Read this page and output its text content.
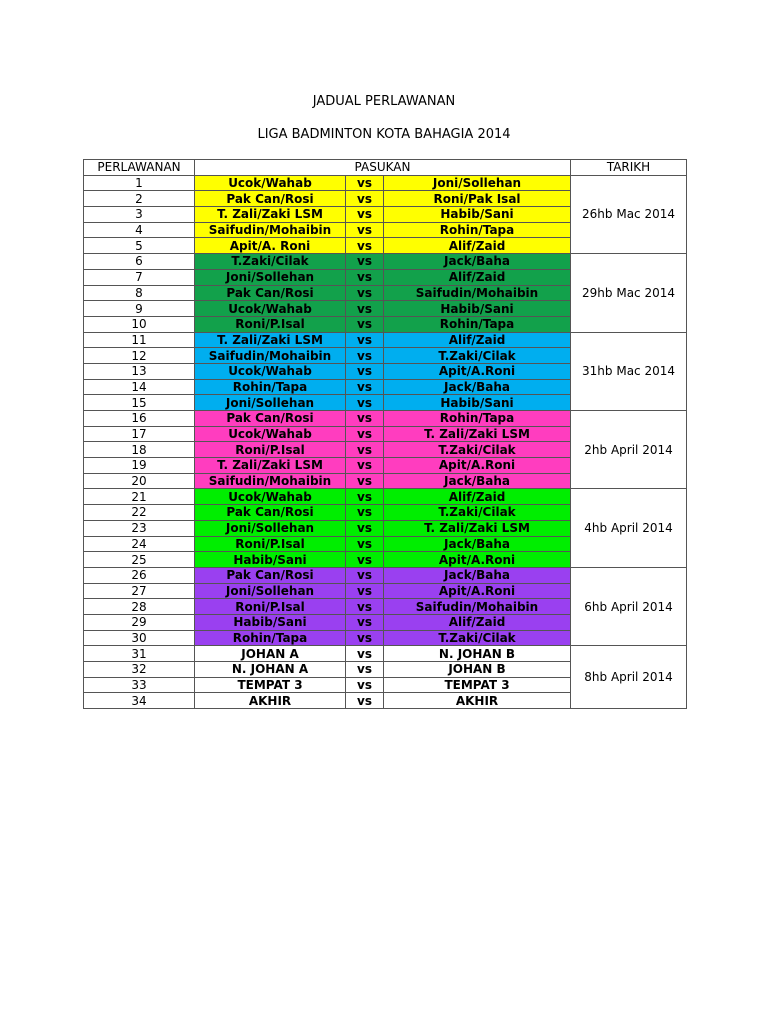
JADUAL PERLAWANAN
LIGA BADMINTON KOTA BAHAGIA 2014
PERLAWANAN	PASUKAN			TARIKH
1	Ucok/Wahab	vs	Joni/Sollehan	26hb Mac 2014
2	Pak Can/Rosi	vs	Roni/Pak Isal	
3	T. Zali/Zaki LSM	vs	Habib/Sani	
4	Saifudin/Mohaibin	vs	Rohin/Tapa	
5	Apit/A. Roni	vs	Alif/Zaid	
6	T.Zaki/Cilak	vs	Jack/Baha	29hb Mac 2014
7	Joni/Sollehan	vs	Alif/Zaid	
8	Pak Can/Rosi	vs	Saifudin/Mohaibin	
9	Ucok/Wahab	vs	Habib/Sani	
10	Roni/P.Isal	vs	Rohin/Tapa	
11	T. Zali/Zaki LSM	vs	Alif/Zaid	31hb Mac 2014
12	Saifudin/Mohaibin	vs	T.Zaki/Cilak	
13	Ucok/Wahab	vs	Apit/A.Roni	
14	Rohin/Tapa	vs	Jack/Baha	
15	Joni/Sollehan	vs	Habib/Sani	
16	Pak Can/Rosi	vs	Rohin/Tapa	2hb April 2014
17	Ucok/Wahab	vs	T. Zali/Zaki LSM	
18	Roni/P.Isal	vs	T.Zaki/Cilak	
19	T. Zali/Zaki LSM	vs	Apit/A.Roni	
20	Saifudin/Mohaibin	vs	Jack/Baha	
21	Ucok/Wahab	vs	Alif/Zaid	4hb April 2014
22	Pak Can/Rosi	vs	T.Zaki/Cilak	
23	Joni/Sollehan	vs	T. Zali/Zaki LSM	
24	Roni/P.Isal	vs	Jack/Baha	
25	Habib/Sani	vs	Apit/A.Roni	
26	Pak Can/Rosi	vs	Jack/Baha	6hb April 2014
27	Joni/Sollehan	vs	Apit/A.Roni	
28	Roni/P.Isal	vs	Saifudin/Mohaibin	
29	Habib/Sani	vs	Alif/Zaid	
30	Rohin/Tapa	vs	T.Zaki/Cilak	
31	JOHAN A	vs	N. JOHAN B	8hb April 2014
32	N. JOHAN A	vs	JOHAN B	
33	TEMPAT 3	vs	TEMPAT 3	
34	AKHIR	vs	AKHIR	
